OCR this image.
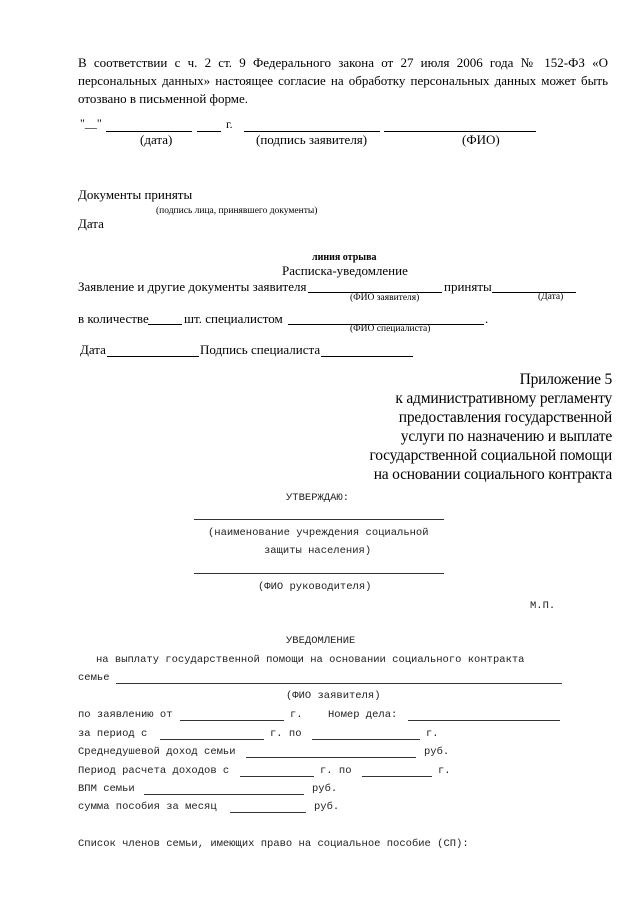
В соответствии с ч. 2 ст. 9 Федерального закона от 27 июля 2006 года № 152-ФЗ «О
персональных данных» настоящее согласие на обработку персональных данных может быть
отозвано в письменной форме.
"__"	г.
(дата)	(подпись заявителя)	(ФИО)
Документы приняты
(подпись лица, принявшего документы)
Дата
линия отрыва
Расписка-уведомление
Заявление и другие документы заявителя	приняты
(ФИО заявителя)	(Дата)
в количестве	шт. специалистом	.
(ФИО специалиста)
Дата	Подпись специалиста
Приложение 5
к административному регламенту
предоставления государственной
услуги по назначению и выплате
государственной социальной помощи
на основании социального контракта
УТВЕРЖДАЮ:
(наименование учреждения социальной
защиты населения)
(ФИО руководителя)
М.П.
УВЕДОМЛЕНИЕ
на выплату государственной помощи на основании социального контракта
семье
(ФИО заявителя)
по заявлению от	г. Номер дела:
за период с	г. по	г.
Среднедушевой доход семьи	руб.
Период расчета доходов с	г. по	г.
ВПМ семьи	руб.
сумма пособия за месяц	руб.
Список членов семьи, имеющих право на социальное пособие (СП):
